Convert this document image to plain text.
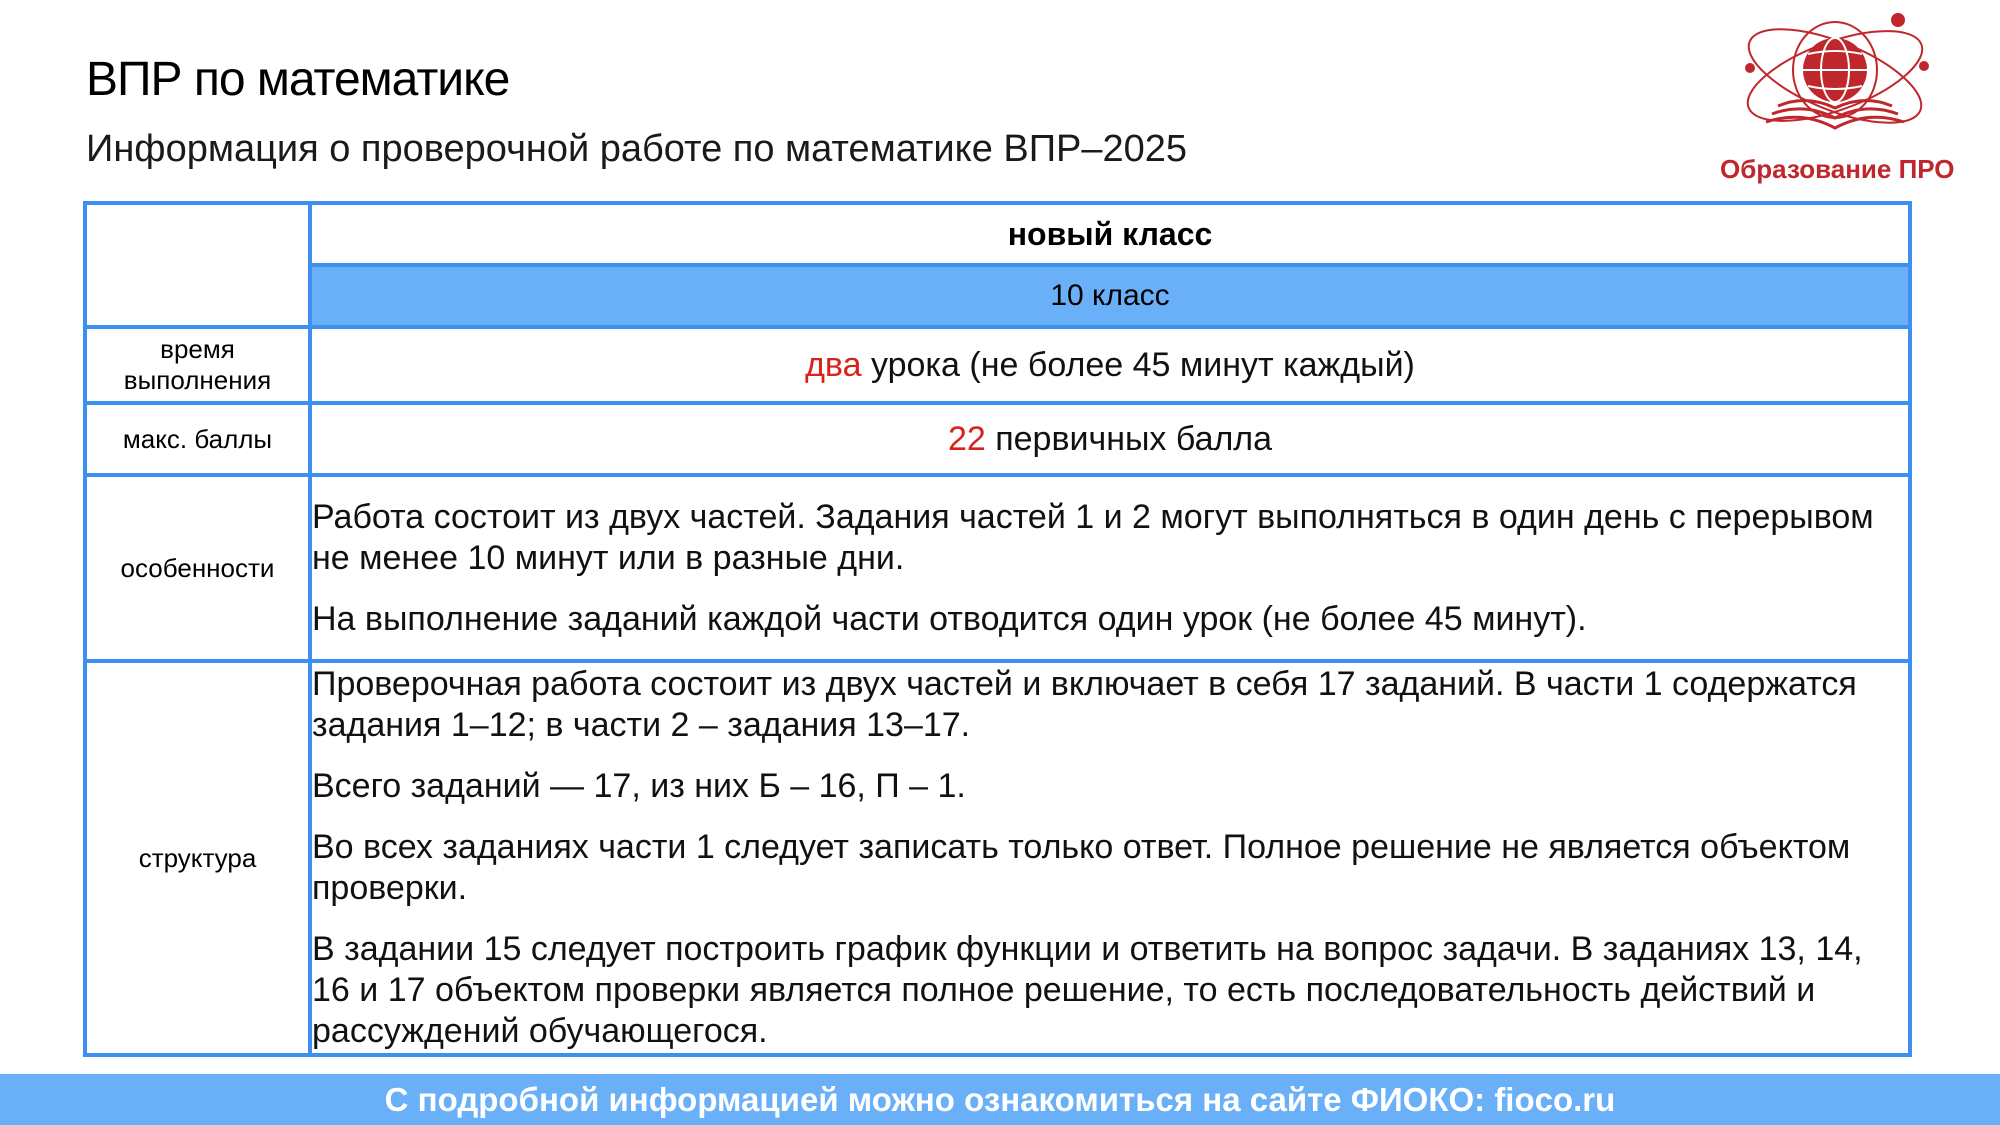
ВПР по математике
Информация о проверочной работе по математике ВПР–2025	Образование ПРО
	новый класс
	10 класс
время выполнения	два урока (не более 45 минут каждый)
макс. баллы	22 первичных балла
особенности	Работа состоит из двух частей. Задания частей 1 и 2 могут выполняться в один день с перерывом не менее 10 минут или в разные дни.

На выполнение заданий каждой части отводится один урок (не более 45 минут).

структура	Проверочная работа состоит из двух частей и включает в себя 17 заданий. В части 1 содержатся задания 1–12; в части 2 – задания 13–17.

Всего заданий — 17, из них Б – 16, П – 1.

Во всех заданиях части 1 следует записать только ответ. Полное решение не является объектом проверки.

В задании 15 следует построить график функции и ответить на вопрос задачи. В заданиях 13, 14, 16 и 17 объектом проверки является полное решение, то есть последовательность действий и рассуждений обучающегося.

С подробной информацией можно ознакомиться на сайте ФИОКО: fioco.ru
